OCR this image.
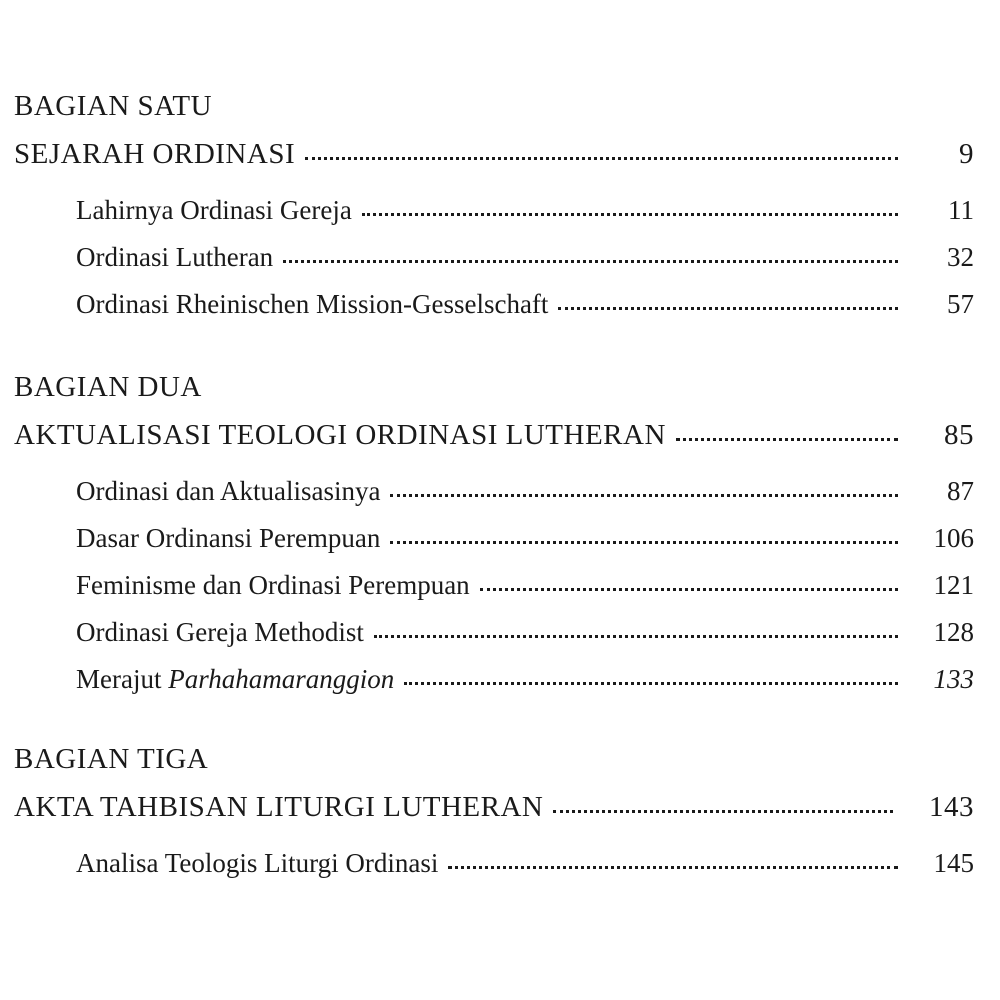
BAGIAN SATU
SEJARAH ORDINASI	9
Lahirnya Ordinasi Gereja	11
Ordinasi Lutheran	32
Ordinasi Rheinischen Mission-Gesselschaft	57
BAGIAN DUA
AKTUALISASI TEOLOGI ORDINASI LUTHERAN	85
Ordinasi dan Aktualisasinya	87
Dasar Ordinansi Perempuan	106
Feminisme dan Ordinasi Perempuan	121
Ordinasi Gereja Methodist	128
Merajut Parhahamaranggion	133
BAGIAN TIGA
AKTA TAHBISAN LITURGI LUTHERAN	143
Analisa Teologis Liturgi Ordinasi	145
